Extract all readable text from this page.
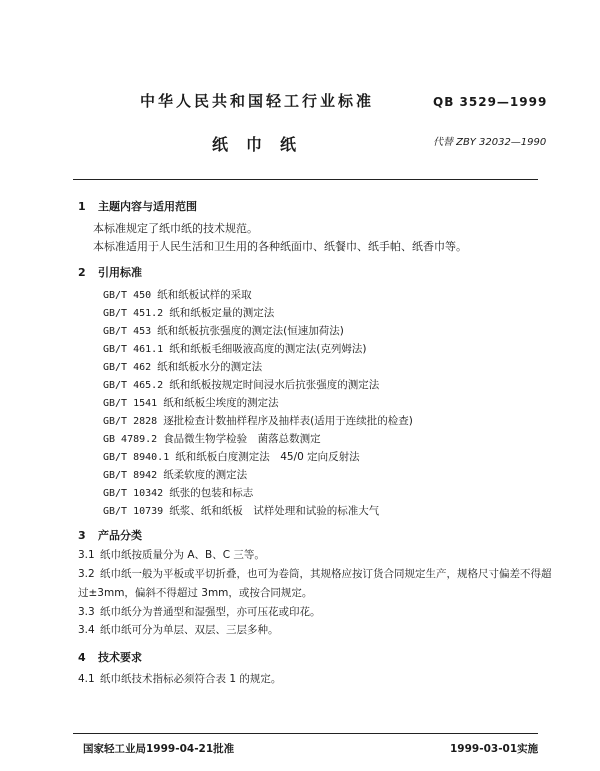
中华人民共和国轻工行业标准	QB 3529—1999
纸巾纸	代替 ZBY 32032—1990
1 主题内容与适用范围
本标准规定了纸巾纸的技术规范。
本标准适用于人民生活和卫生用的各种纸面巾、纸餐巾、纸手帕、纸香巾等。
2 引用标准
GB/T 450 纸和纸板试样的采取
GB/T 451.2 纸和纸板定量的测定法
GB/T 453 纸和纸板抗张强度的测定法(恒速加荷法)
GB/T 461.1 纸和纸板毛细吸液高度的测定法(克列姆法)
GB/T 462 纸和纸板水分的测定法
GB/T 465.2 纸和纸板按规定时间浸水后抗张强度的测定法
GB/T 1541 纸和纸板尘埃度的测定法
GB/T 2828 逐批检查计数抽样程序及抽样表(适用于连续批的检查)
GB 4789.2 食品微生物学检验　菌落总数测定
GB/T 8940.1 纸和纸板白度测定法　45/0 定向反射法
GB/T 8942 纸柔软度的测定法
GB/T 10342 纸张的包装和标志
GB/T 10739 纸浆、纸和纸板　试样处理和试验的标准大气
3 产品分类
3.1 纸巾纸按质量分为 A、B、C 三等。
3.2 纸巾纸一般为平板或平切折叠，也可为卷筒，其规格应按订货合同规定生产，规格尺寸偏差不得超
过±3mm，偏斜不得超过 3mm，或按合同规定。
3.3 纸巾纸分为普通型和湿强型，亦可压花或印花。
3.4 纸巾纸可分为单层、双层、三层多种。
4 技术要求
4.1 纸巾纸技术指标必须符合表 1 的规定。
国家轻工业局1999-04-21批准	1999-03-01实施
